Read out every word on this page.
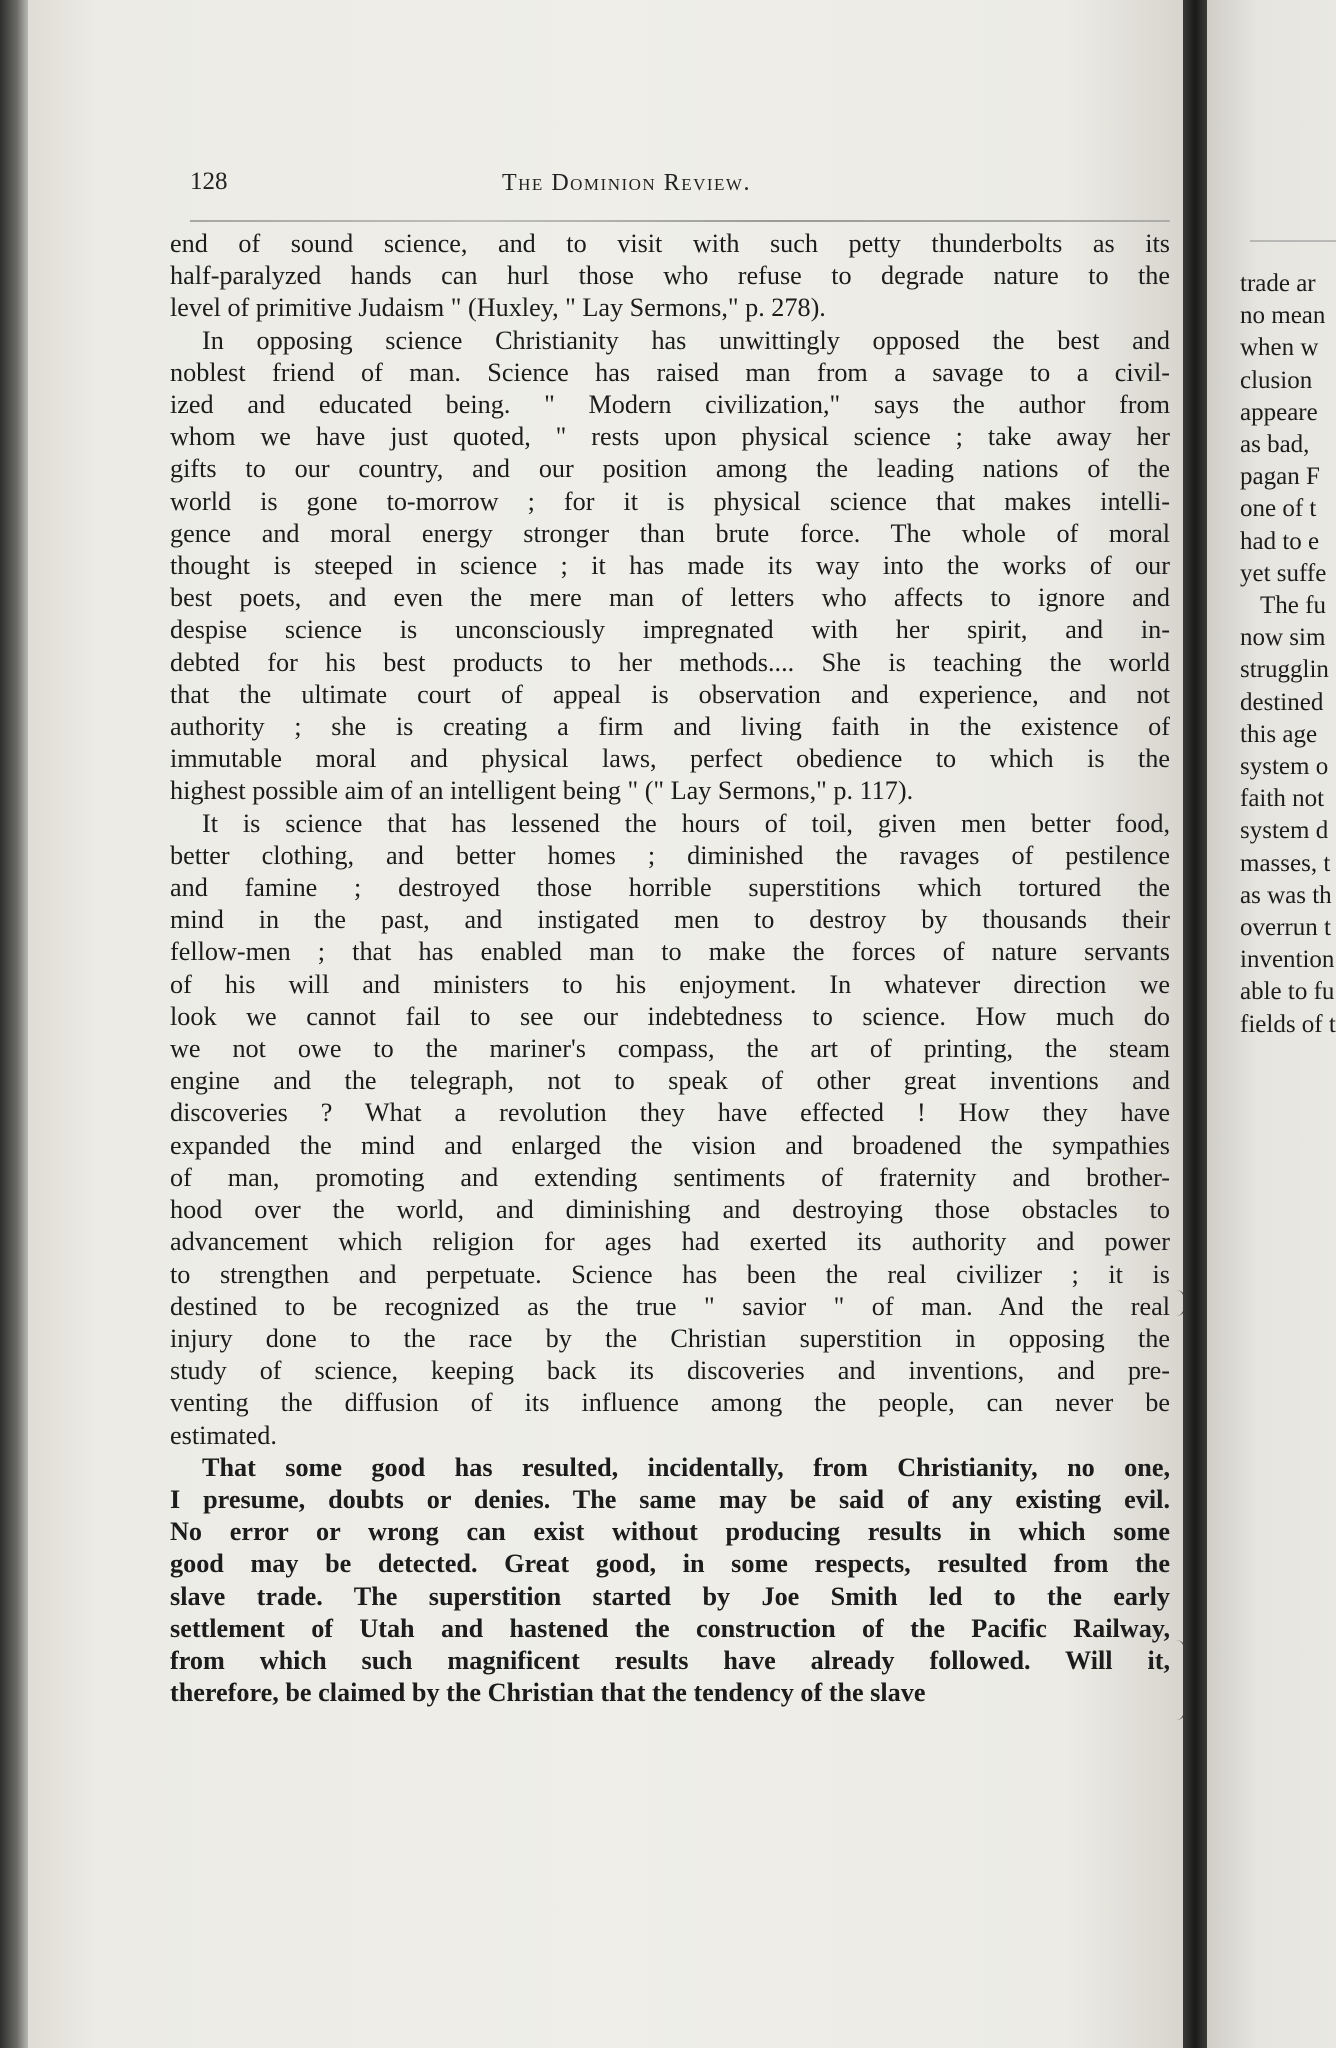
128	The Dominion Review.
end of sound science, and to visit with such petty thunderbolts as its
half-paralyzed hands can hurl those who refuse to degrade nature to the
level of primitive Judaism " (Huxley, " Lay Sermons," p. 278).
In opposing science Christianity has unwittingly opposed the best and
noblest friend of man. Science has raised man from a savage to a civil-
ized and educated being. " Modern civilization," says the author from
whom we have just quoted, " rests upon physical science ; take away her
gifts to our country, and our position among the leading nations of the
world is gone to-morrow ; for it is physical science that makes intelli-
gence and moral energy stronger than brute force. The whole of moral
thought is steeped in science ; it has made its way into the works of our
best poets, and even the mere man of letters who affects to ignore and
despise science is unconsciously impregnated with her spirit, and in-
debted for his best products to her methods.... She is teaching the world
that the ultimate court of appeal is observation and experience, and not
authority ; she is creating a firm and living faith in the existence of
immutable moral and physical laws, perfect obedience to which is the
highest possible aim of an intelligent being " (" Lay Sermons," p. 117).
It is science that has lessened the hours of toil, given men better food,
better clothing, and better homes ; diminished the ravages of pestilence
and famine ; destroyed those horrible superstitions which tortured the
mind in the past, and instigated men to destroy by thousands their
fellow-men ; that has enabled man to make the forces of nature servants
of his will and ministers to his enjoyment. In whatever direction we
look we cannot fail to see our indebtedness to science. How much do
we not owe to the mariner's compass, the art of printing, the steam
engine and the telegraph, not to speak of other great inventions and
discoveries ? What a revolution they have effected ! How they have
expanded the mind and enlarged the vision and broadened the sympathies
of man, promoting and extending sentiments of fraternity and brother-
hood over the world, and diminishing and destroying those obstacles to
advancement which religion for ages had exerted its authority and power
to strengthen and perpetuate. Science has been the real civilizer ; it is
destined to be recognized as the true " savior " of man. And the real
injury done to the race by the Christian superstition in opposing the
study of science, keeping back its discoveries and inventions, and pre-
venting the diffusion of its influence among the people, can never be
estimated.
That some good has resulted, incidentally, from Christianity, no one,
I presume, doubts or denies. The same may be said of any existing evil.
No error or wrong can exist without producing results in which some
good may be detected. Great good, in some respects, resulted from the
slave trade. The superstition started by Joe Smith led to the early
settlement of Utah and hastened the construction of the Pacific Railway,
from which such magnificent results have already followed. Will it,
therefore, be claimed by the Christian that the tendency of the slave
trade ar
no mean
when w
clusion
appeare
as bad,
pagan F
one of t
had to e
yet suffe
The fu
now sim
strugglin
destined
this age
system o
faith not
system d
masses, t
as was th
overrun t
invention
able to fu
fields of t
